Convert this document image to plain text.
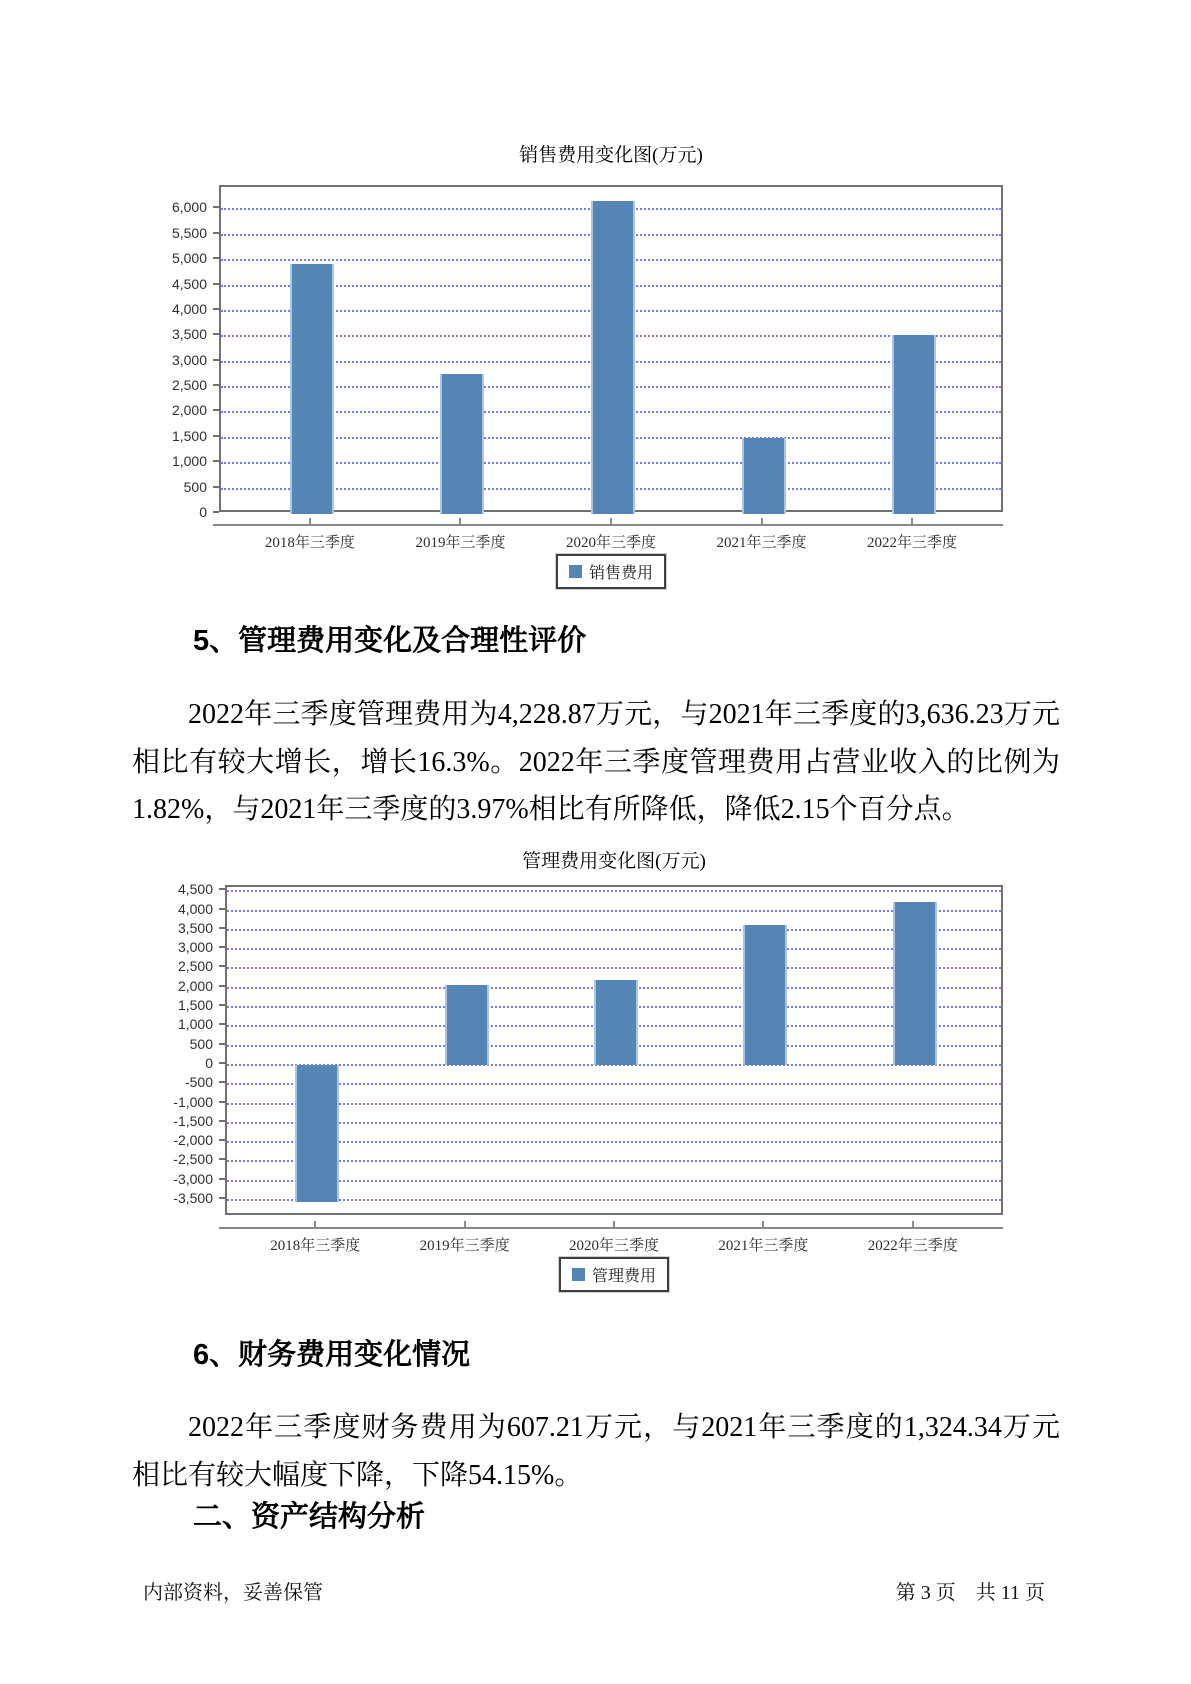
销售费用变化图(万元)
0
500
1,000
1,500
2,000
2,500
3,000
3,500
4,000
4,500
5,000
5,500
6,000
2018年三季度	2019年三季度	2020年三季度	2021年三季度	2022年三季度
销售费用
管理费用变化图(万元)
-3,500
-3,000
-2,500
-2,000
-1,500
-1,000
-500
0
500
1,000
1,500
2,000
2,500
3,000
3,500
4,000
4,500
2018年三季度	2019年三季度	2020年三季度	2021年三季度	2022年三季度
管理费用
5、管理费用变化及合理性评价

2022年三季度管理费用为4,228.87万元，与2021年三季度的3,636.23万元相比有较大增长，增长16.3%。2022年三季度管理费用占营业收入的比例为1.82%，与2021年三季度的3.97%相比有所降低，降低2.15个百分点。

6、财务费用变化情况

2022年三季度财务费用为607.21万元，与2021年三季度的1,324.34万元相比有较大幅度下降，下降54.15%。

二、资产结构分析
内部资料，妥善保管	第 3 页　共 11 页
